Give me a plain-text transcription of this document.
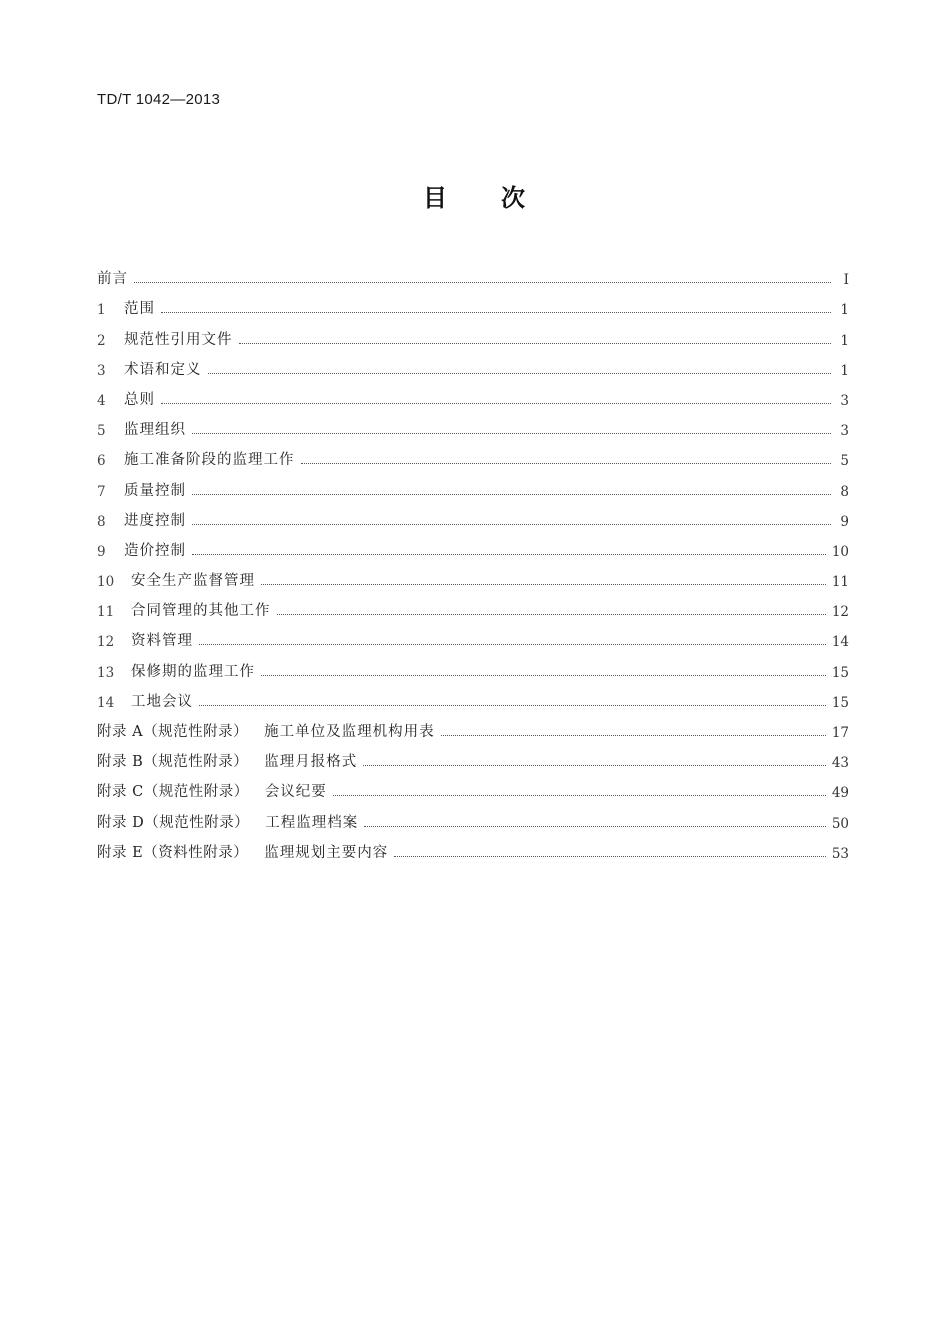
TD/T 1042—2013
目 次
前言	I
1	范围	1
2	规范性引用文件	1
3	术语和定义	1
4	总则	3
5	监理组织	3
6	施工准备阶段的监理工作	5
7	质量控制	8
8	进度控制	9
9	造价控制	10
10	安全生产监督管理	11
11	合同管理的其他工作	12
12	资料管理	14
13	保修期的监理工作	15
14	工地会议	15
附录 A（规范性附录） 施工单位及监理机构用表	17
附录 B（规范性附录） 监理月报格式	43
附录 C（规范性附录） 会议纪要	49
附录 D（规范性附录） 工程监理档案	50
附录 E（资料性附录） 监理规划主要内容	53
